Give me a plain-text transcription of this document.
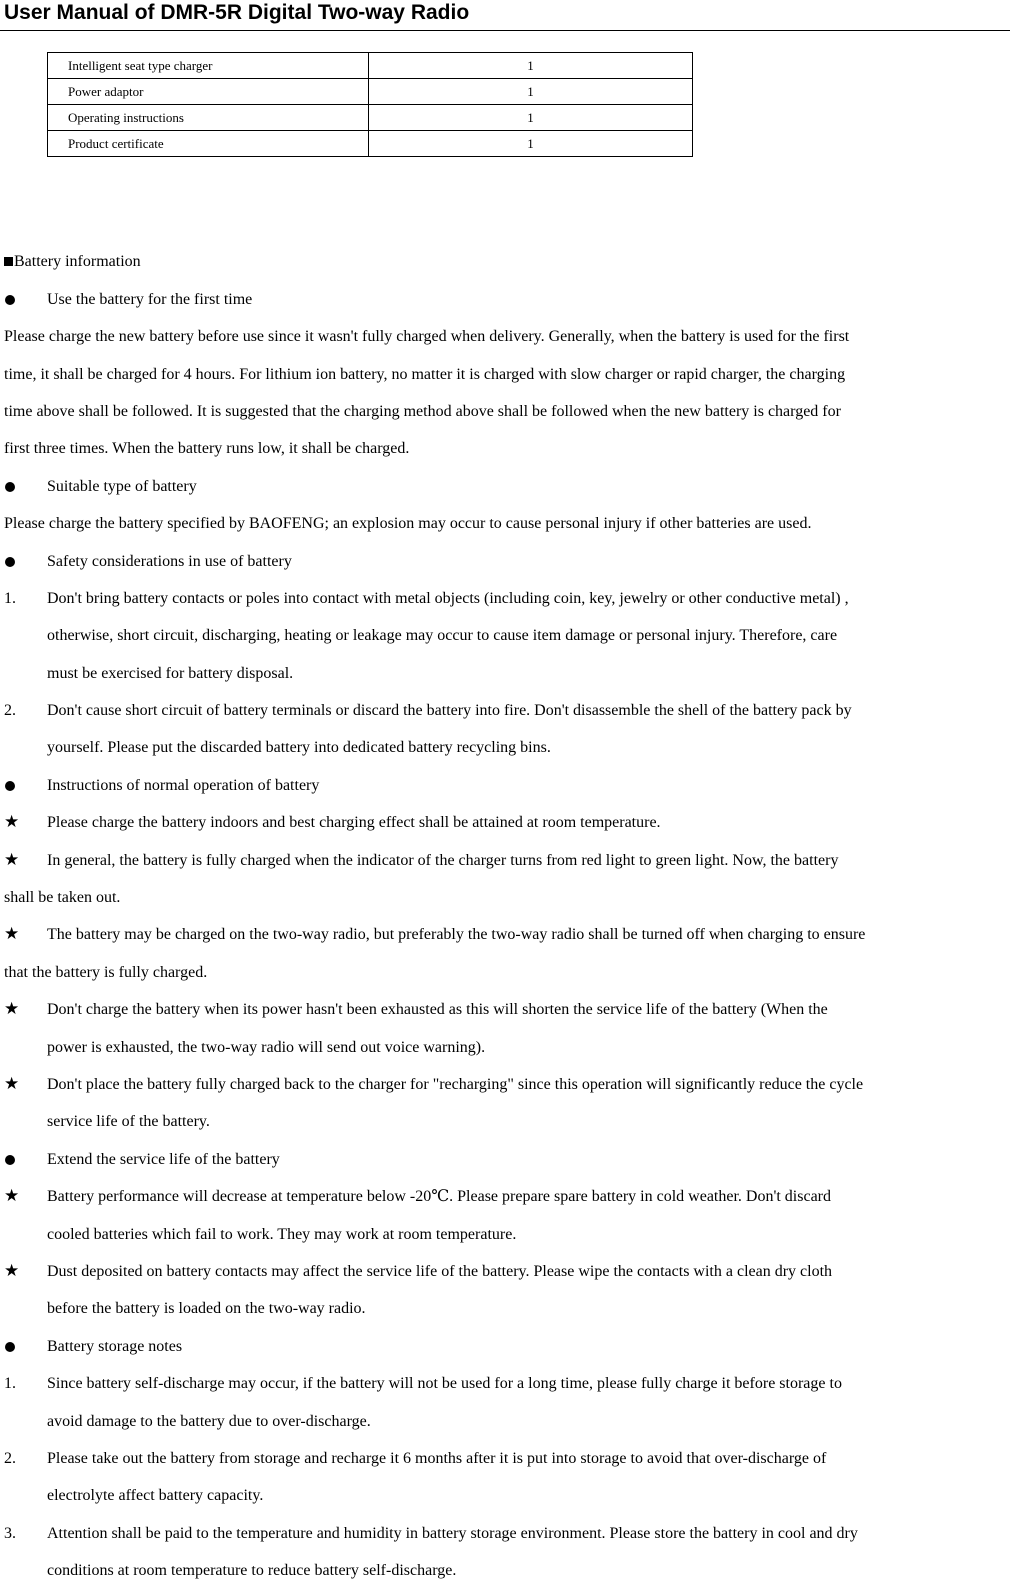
User Manual of DMR-5R Digital Two-way Radio
Intelligent seat type charger	1
Power adaptor	1
Operating instructions	1
Product certificate	1
Battery information
Use the battery for the first time
Please charge the new battery before use since it wasn't fully charged when delivery. Generally, when the battery is used for the first
time, it shall be charged for 4 hours. For lithium ion battery, no matter it is charged with slow charger or rapid charger, the charging
time above shall be followed. It is suggested that the charging method above shall be followed when the new battery is charged for
first three times. When the battery runs low, it shall be charged.
Suitable type of battery
Please charge the battery specified by BAOFENG; an explosion may occur to cause personal injury if other batteries are used.
Safety considerations in use of battery
1.	Don't bring battery contacts or poles into contact with metal objects (including coin, key, jewelry or other conductive metal) ,
otherwise, short circuit, discharging, heating or leakage may occur to cause item damage or personal injury. Therefore, care
must be exercised for battery disposal.
2.	Don't cause short circuit of battery terminals or discard the battery into fire. Don't disassemble the shell of the battery pack by
yourself. Please put the discarded battery into dedicated battery recycling bins.
Instructions of normal operation of battery
★	Please charge the battery indoors and best charging effect shall be attained at room temperature.
★	In general, the battery is fully charged when the indicator of the charger turns from red light to green light. Now, the battery
shall be taken out.
★	The battery may be charged on the two-way radio, but preferably the two-way radio shall be turned off when charging to ensure
that the battery is fully charged.
★	Don't charge the battery when its power hasn't been exhausted as this will shorten the service life of the battery (When the
power is exhausted, the two-way radio will send out voice warning).
★	Don't place the battery fully charged back to the charger for "recharging" since this operation will significantly reduce the cycle
service life of the battery.
Extend the service life of the battery
★	Battery performance will decrease at temperature below -20℃. Please prepare spare battery in cold weather. Don't discard
cooled batteries which fail to work. They may work at room temperature.
★	Dust deposited on battery contacts may affect the service life of the battery. Please wipe the contacts with a clean dry cloth
before the battery is loaded on the two-way radio.
Battery storage notes
1.	Since battery self-discharge may occur, if the battery will not be used for a long time, please fully charge it before storage to
avoid damage to the battery due to over-discharge.
2.	Please take out the battery from storage and recharge it 6 months after it is put into storage to avoid that over-discharge of
electrolyte affect battery capacity.
3.	Attention shall be paid to the temperature and humidity in battery storage environment. Please store the battery in cool and dry
conditions at room temperature to reduce battery self-discharge.
